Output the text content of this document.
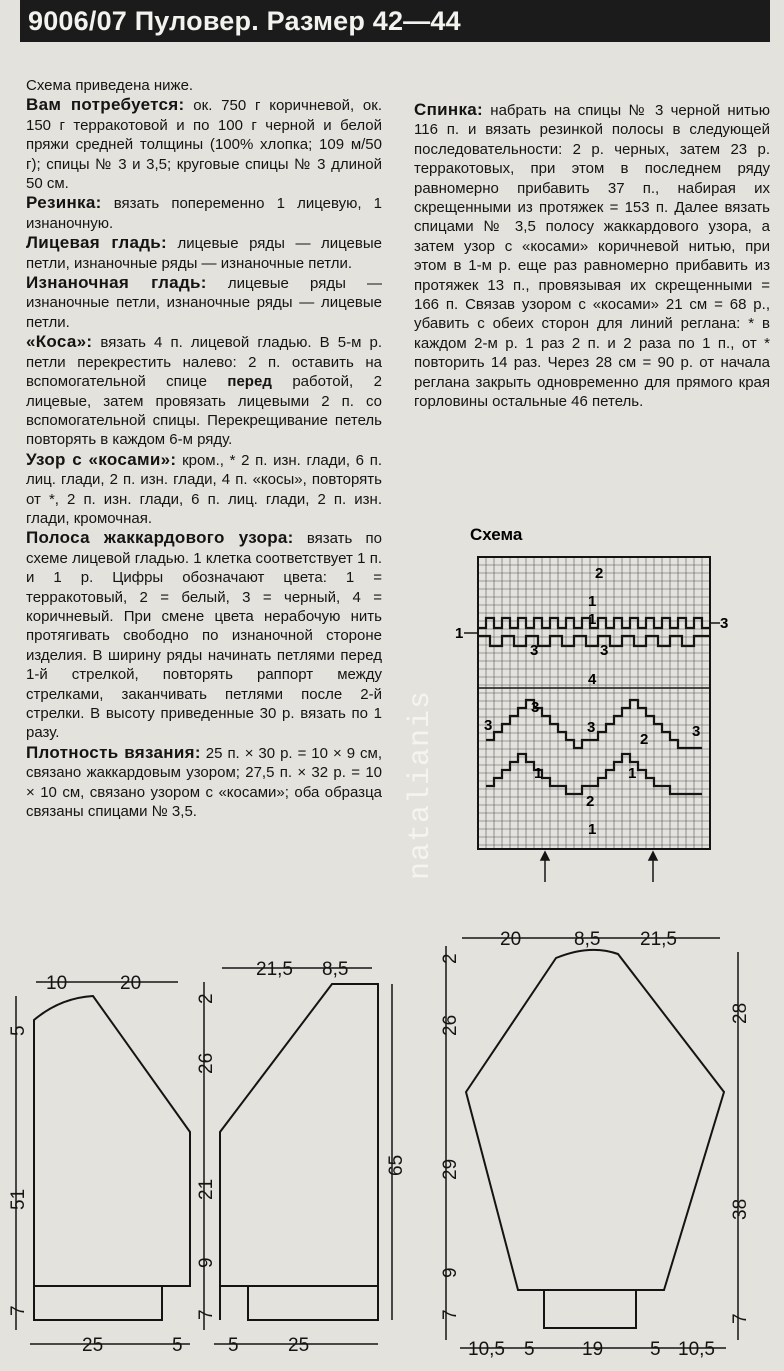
9006/07 Пуловер. Размер 42—44

Схема приведена ниже.

Вам потребуется: ок. 750 г коричневой, ок. 150 г терракотовой и по 100 г черной и белой пряжи средней толщины (100% хлопка; 109 м/50 г); спицы № 3 и 3,5; круговые спицы № 3 длиной 50 см.

Резинка: вязать попеременно 1 лицевую, 1 изнаночную.

Лицевая гладь: лицевые ряды — лицевые петли, изнаночные ряды — изнаночные петли.

Изнаночная гладь: лицевые ряды — изнаночные петли, изнаночные ряды — лицевые петли.

«Коса»: вязать 4 п. лицевой гладью. В 5-м р. петли перекрестить налево: 2 п. оставить на вспомогательной спице перед работой, 2 лицевые, затем провязать лицевыми 2 п. со вспомогательной спицы. Перекрещивание петель повторять в каждом 6-м ряду.

Узор с «косами»: кром., * 2 п. изн. глади, 6 п. лиц. глади, 2 п. изн. глади, 4 п. «косы», повторять от *, 2 п. изн. глади, 6 п. лиц. глади, 2 п. изн. глади, кромочная.

Полоса жаккардового узора: вязать по схеме лицевой гладью. 1 клетка соответствует 1 п. и 1 р. Цифры обозначают цвета: 1 = терракотовый, 2 = белый, 3 = черный, 4 = коричневый. При смене цвета нерабочую нить протягивать свободно по изнаночной стороне изделия. В ширину ряды начинать петлями перед 1-й стрелкой, повторять раппорт между стрелками, заканчивать петлями после 2-й стрелки. В высоту приведенные 30 р. вязать по 1 разу.

Плотность вязания: 25 п. × 30 р. = 10 × 9 см, связано жаккардовым узором; 27,5 п. × 32 р. = 10 × 10 см, связано узором с «косами»; оба образца связаны спицами № 3,5.

Спинка: набрать на спицы № 3 черной нитью 116 п. и вязать резинкой полосы в следующей последовательности: 2 р. черных, затем 23 р. терракотовых, при этом в последнем ряду равномерно прибавить 37 п., набирая их скрещенными из протяжек = 153 п. Далее вязать спицами № 3,5 полосу жаккардового узора, а затем узор с «косами» коричневой нитью, при этом в 1-м р. еще раз равномерно прибавить из протяжек 13 п., провязывая их скрещенными = 166 п. Связав узором с «косами» 21 см = 68 р., убавить с обеих сторон для линий реглана: * в каждом 2-м р. 1 раз 2 п. и 2 раза по 1 п., от * повторить 14 раз. Через 28 см = 90 р. от начала реглана закрыть одновременно для прямого края горловины остальные 46 петель.

Схема
2
1
1
3
3
4
3
3
3
2	3
1	1
2
1
1
3
10	20
5
51
7
25	5
21,5 8,5
2
26
21
9
7
65
5	25
20	8,5 21,5
2
26
29
9
7
28
38
7
10,5 5 19 5 10,5
natalianis
